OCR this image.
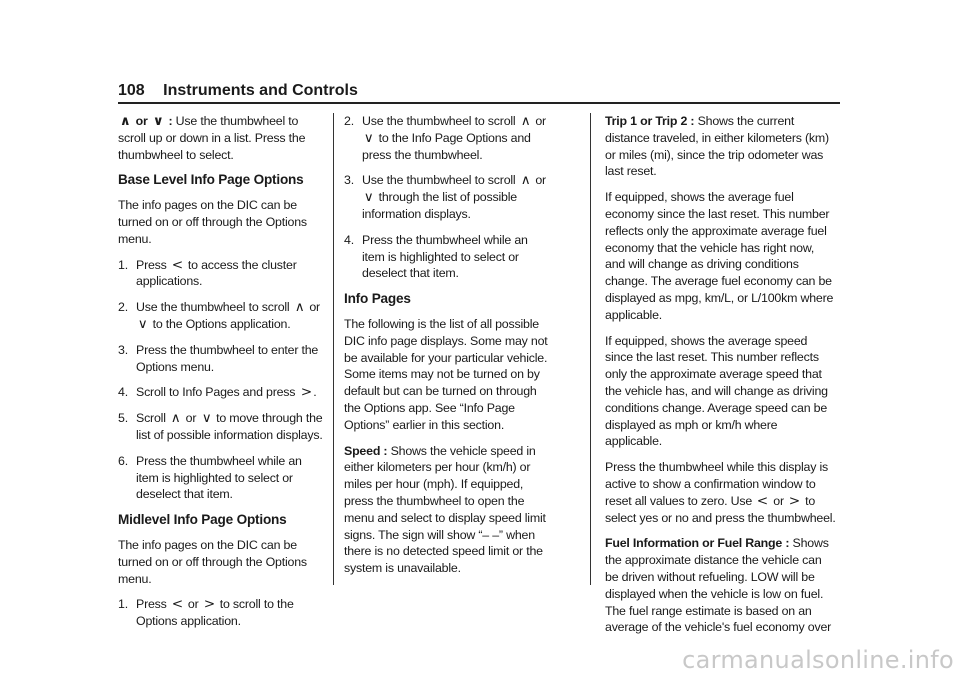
108 Instruments and Controls

∧ or ∨ : Use the thumbwheel to scroll up or down in a list. Press the thumbwheel to select.

Base Level Info Page Options

The info pages on the DIC can be turned on or off through the Options menu.

1. Press < to access the cluster applications.
2. Use the thumbwheel to scroll ∧ or ∨ to the Options application.
3. Press the thumbwheel to enter the Options menu.
4. Scroll to Info Pages and press > .
5. Scroll ∧ or ∨ to move through the list of possible information displays.
6. Press the thumbwheel while an item is highlighted to select or deselect that item.
Midlevel Info Page Options

The info pages on the DIC can be turned on or off through the Options menu.

1. Press < or > to scroll to the Options application.
2. Use the thumbwheel to scroll ∧ or ∨ to the Info Page Options and press the thumbwheel.
3. Use the thumbwheel to scroll ∧ or ∨ through the list of possible information displays.
4. Press the thumbwheel while an item is highlighted to select or deselect that item.
Info Pages

The following is the list of all possible DIC info page displays. Some may not be available for your particular vehicle. Some items may not be turned on by default but can be turned on through the Options app. See “Info Page Options” earlier in this section.

Speed : Shows the vehicle speed in either kilometers per hour (km/h) or miles per hour (mph). If equipped, press the thumbwheel to open the menu and select to display speed limit signs. The sign will show “– –” when there is no detected speed limit or the system is unavailable.

Trip 1 or Trip 2 : Shows the current distance traveled, in either kilometers (km) or miles (mi), since the trip odometer was last reset.

If equipped, shows the average fuel economy since the last reset. This number reflects only the approximate average fuel economy that the vehicle has right now, and will change as driving conditions change. The average fuel economy can be displayed as mpg, km/L, or L/100km where applicable.

If equipped, shows the average speed since the last reset. This number reflects only the approximate average speed that the vehicle has, and will change as driving conditions change. Average speed can be displayed as mph or km/h where applicable.

Press the thumbwheel while this display is active to show a confirmation window to reset all values to zero. Use < or > to select yes or no and press the thumbwheel.

Fuel Information or Fuel Range : Shows the approximate distance the vehicle can be driven without refueling. LOW will be displayed when the vehicle is low on fuel. The fuel range estimate is based on an average of the vehicle's fuel economy over

carmanualsonline.info
